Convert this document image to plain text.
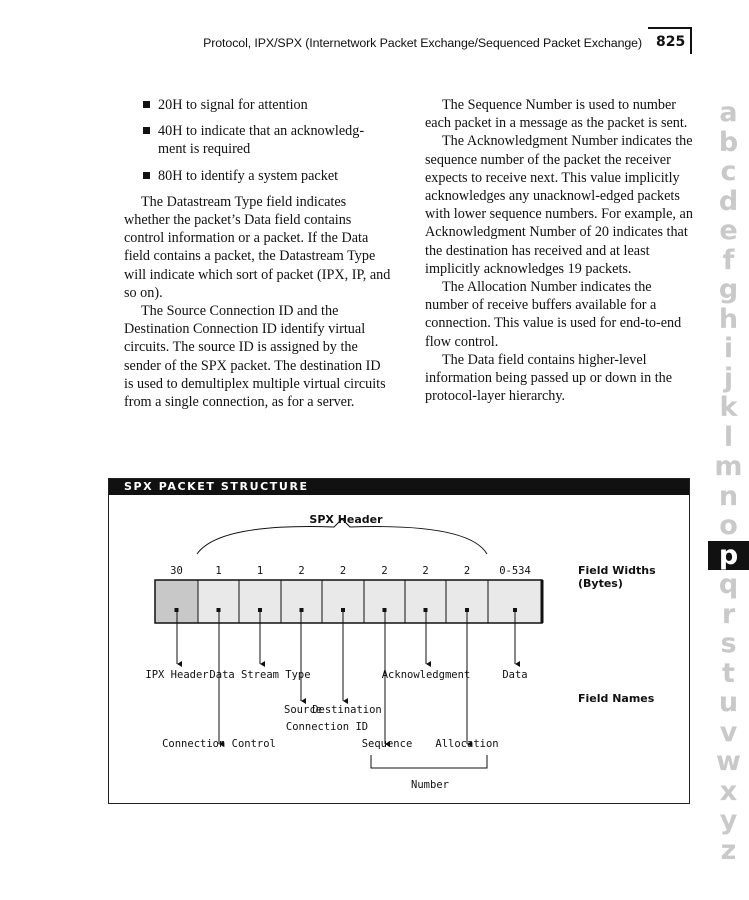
Protocol, IPX/SPX (Internetwork Packet Exchange/Sequenced Packet Exchange) 825
20H to signal for attention
40H to indicate that an acknowledg-ment is required
80H to identify a system packet

The Datastream Type field indicates whether the packet’s Data field contains control information or a packet. If the Data field contains a packet, the Datastream Type will indicate which sort of packet (IPX, IP, and so on).

The Source Connection ID and the Destination Connection ID identify virtual circuits. The source ID is assigned by the sender of the SPX packet. The destination ID is used to demultiplex multiple virtual circuits from a single connection, as for a server.

The Sequence Number is used to number each packet in a message as the packet is sent.

The Acknowledgment Number indicates the sequence number of the packet the receiver expects to receive next. This value implicitly acknowledges any unacknowl-edged packets with lower sequence numbers. For example, an Acknowledgment Number of 20 indicates that the destination has received and at least implicitly acknowledges 19 packets.

The Allocation Number indicates the number of receive buffers available for a connection. This value is used for end-to-end flow control.

The Data field contains higher-level information being passed up or down in the protocol-layer hierarchy.

a
b
c
d
e
f
g
h
i
j
k
l
m
n
o
p
q
r
s
t
u
v
w
x
y
z
SPX Header
30	1	1	2	2	2	2	2	0-534	Field Widths
(Bytes)
IPX Header Data Stream Type	Acknowledgment	Data
Field Names
Source
Destination
Connection ID
Connection Control	Sequence Allocation
Number
SPX PACKET STRUCTURE
